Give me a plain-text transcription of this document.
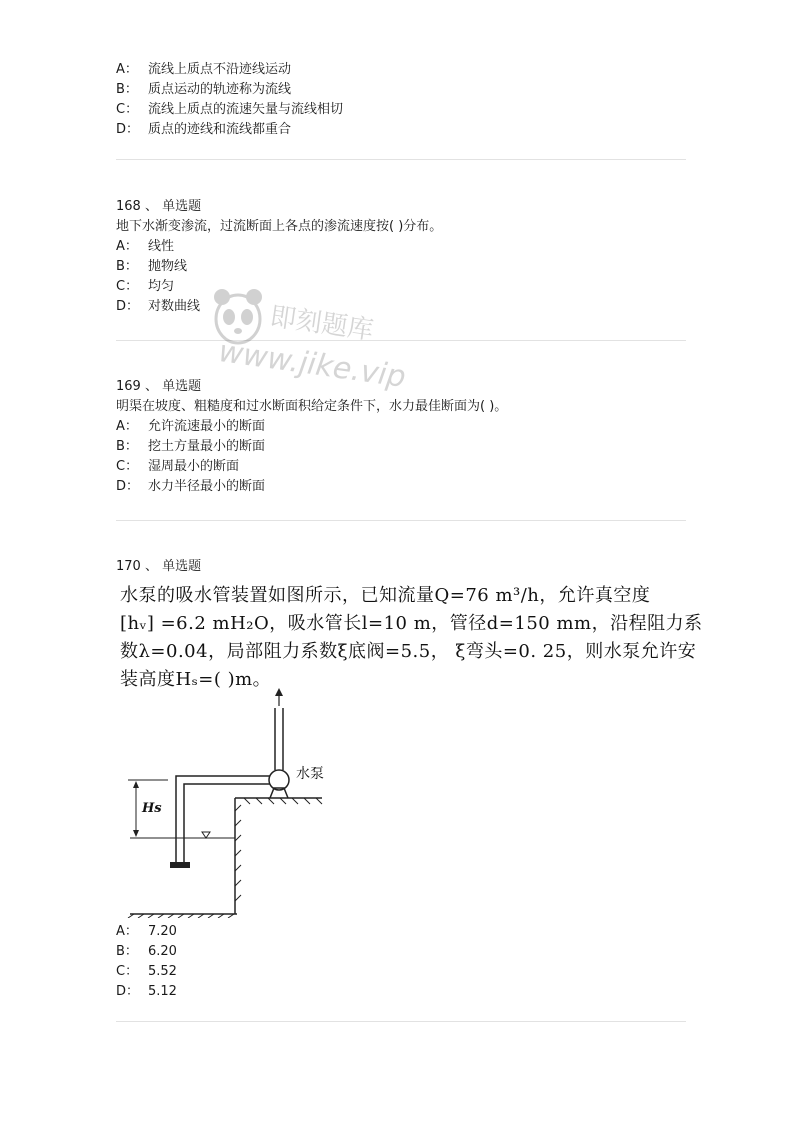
A： 流线上质点不沿迹线运动
B： 质点运动的轨迹称为流线
C： 流线上质点的流速矢量与流线相切
D： 质点的迹线和流线都重合
168 、 单选题
地下水渐变渗流，过流断面上各点的渗流速度按( )分布。
A： 线性
B： 抛物线
C： 均匀
D： 对数曲线
169 、 单选题
明渠在坡度、粗糙度和过水断面积给定条件下，水力最佳断面为( )。
A： 允许流速最小的断面
B： 挖土方量最小的断面
C： 湿周最小的断面
D： 水力半径最小的断面
170 、 单选题
水泵的吸水管装置如图所示，已知流量Q=76 m³/h，允许真空度
[hᵥ] =6.2 mH₂O，吸水管长l=10 m，管径d=150 mm，沿程阻力系
数λ=0.04，局部阻力系数ξ底阀=5.5， ξ弯头=0. 25，则水泵允许安
装高度Hₛ=( )m。
Hs
水泵
A： 7.20
B： 6.20
C： 5.52
D： 5.12
即刻题库
www.jike.vip
